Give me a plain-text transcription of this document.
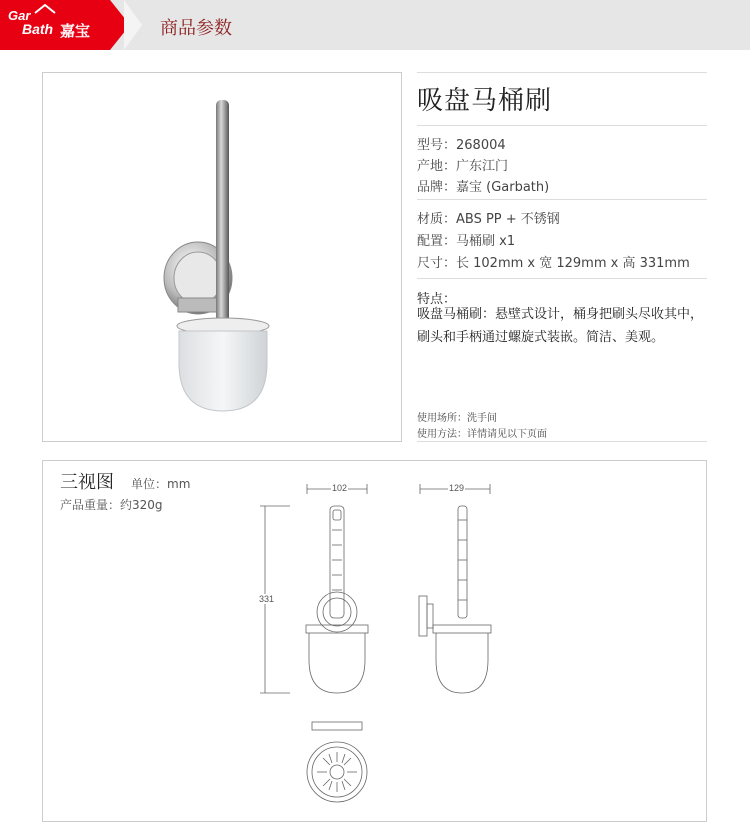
Gar
Bath 嘉宝	商品参数
吸盘马桶刷
型号：268004
产地：广东江门
品牌：嘉宝 (Garbath)
材质：ABS PP + 不锈钢
配置：马桶刷 x1
尺寸：长 102mm x 宽 129mm x 高 331mm
特点：
吸盘马桶刷：悬壁式设计，桶身把刷头尽收其中，刷头和手柄通过螺旋式装嵌。简洁、美观。
使用场所：洗手间
使用方法：详情请见以下页面
三视图 单位：mm
产品重量：约320g
102	129
331
